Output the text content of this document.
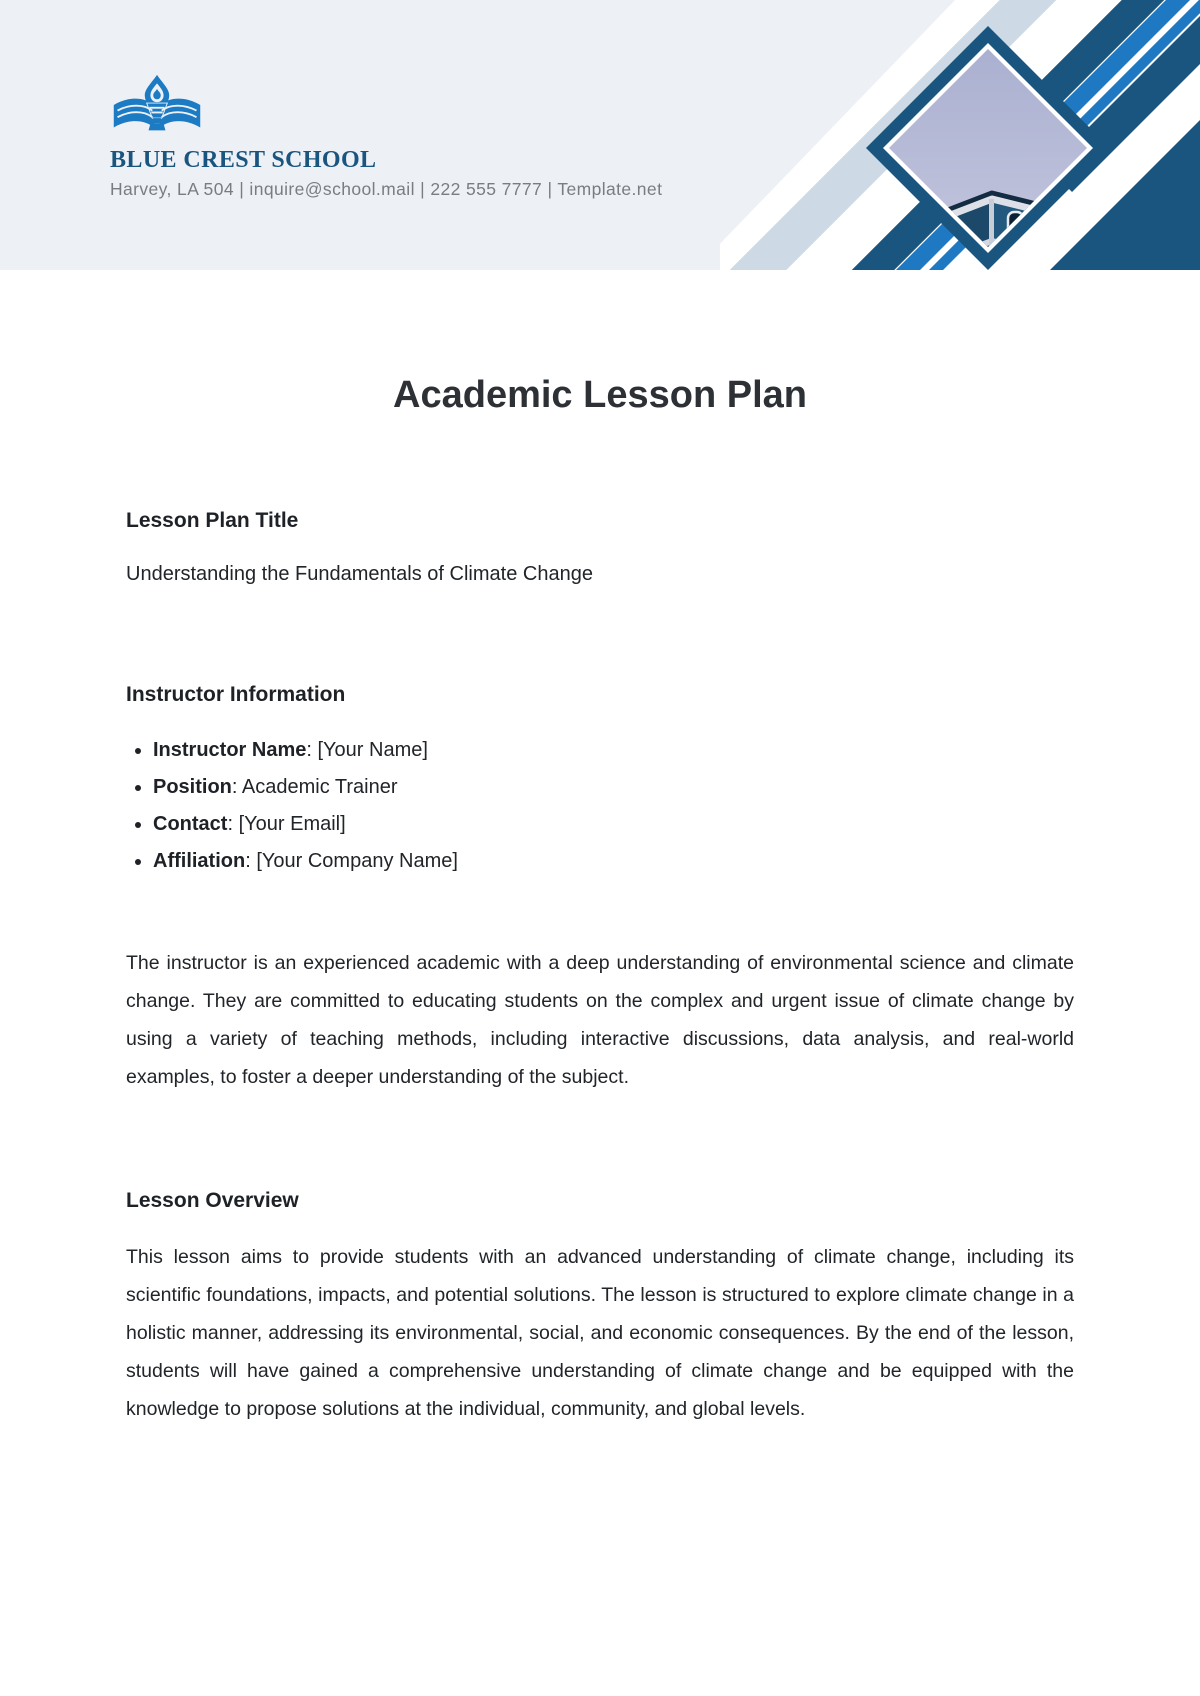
BLUE CREST SCHOOL
Harvey, LA 504 | inquire@school.mail | 222 555 7777 | Template.net
Academic Lesson Plan
Lesson Plan Title
Understanding the Fundamentals of Climate Change
Instructor Information
Instructor Name: [Your Name]
Position: Academic Trainer
Contact: [Your Email]
Affiliation: [Your Company Name]
The instructor is an experienced academic with a deep understanding of environmental science and climate change. They are committed to educating students on the complex and urgent issue of climate change by using a variety of teaching methods, including interactive discussions, data analysis, and real-world examples, to foster a deeper understanding of the subject.
Lesson Overview
This lesson aims to provide students with an advanced understanding of climate change, including its scientific foundations, impacts, and potential solutions. The lesson is structured to explore climate change in a holistic manner, addressing its environmental, social, and economic consequences. By the end of the lesson, students will have gained a comprehensive understanding of climate change and be equipped with the knowledge to propose solutions at the individual, community, and global levels.
